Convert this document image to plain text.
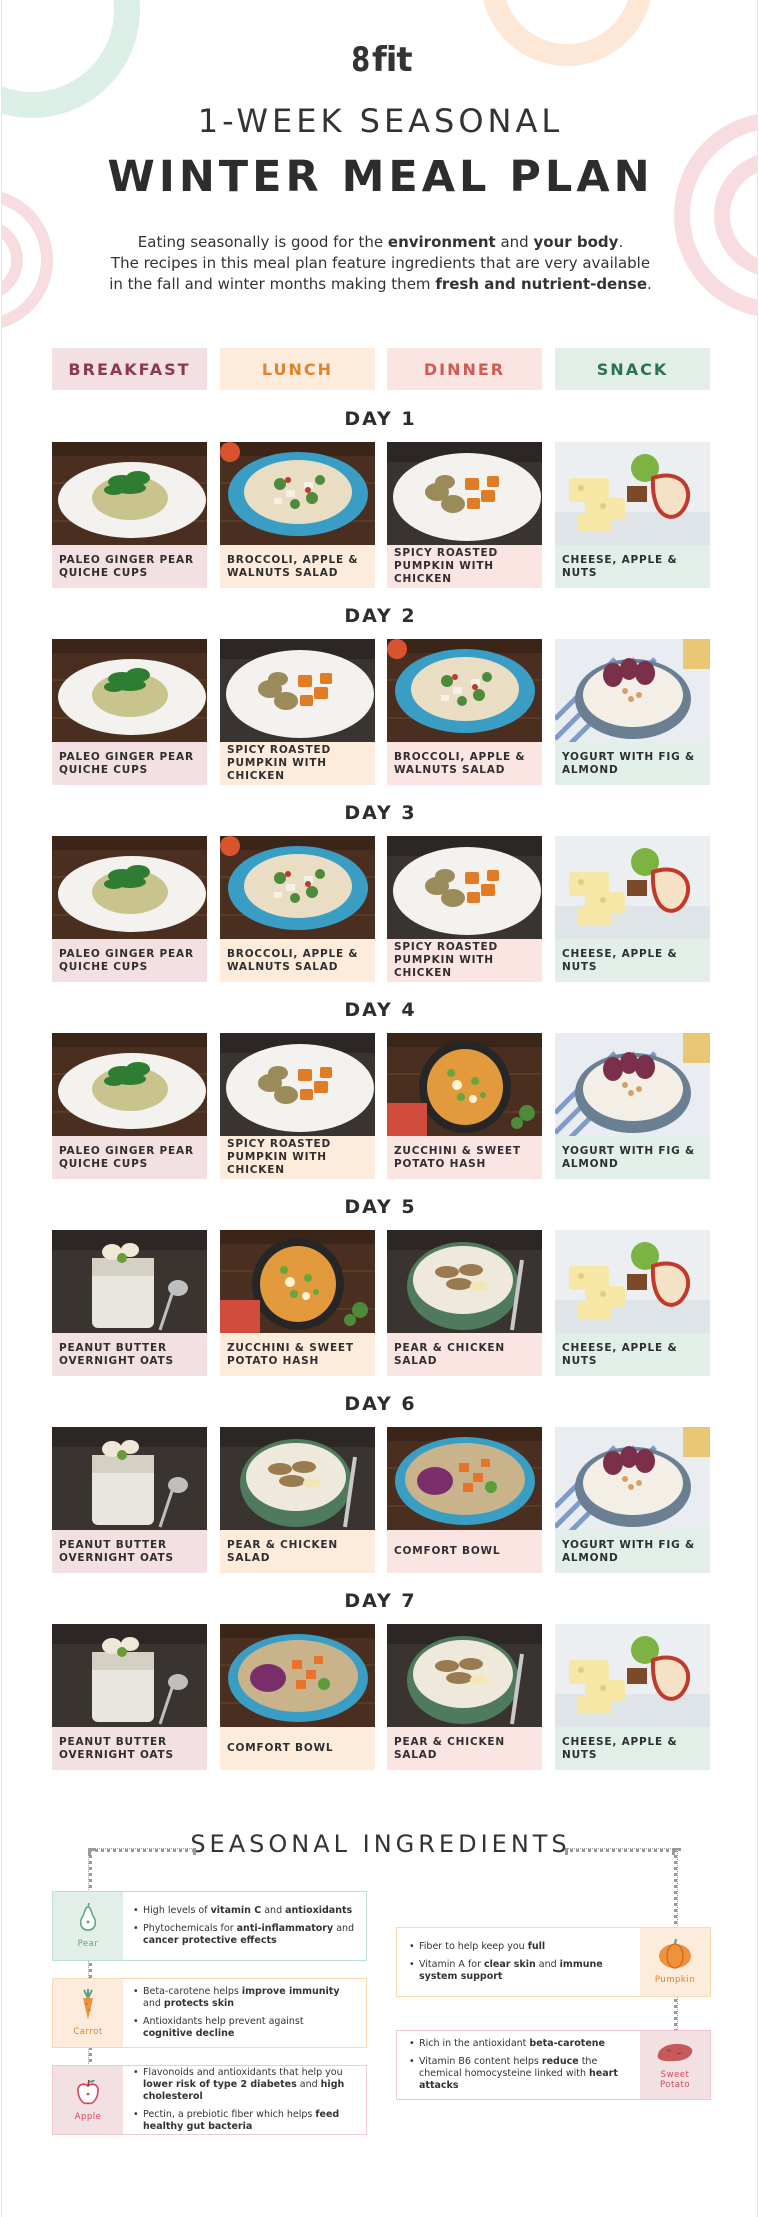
8fit
1-WEEK SEASONAL
WINTER MEAL PLAN
Eating seasonally is good for the environment and your body.
The recipes in this meal plan feature ingredients that are very available
in the fall and winter months making them fresh and nutrient-dense.
BREAKFAST	LUNCH	DINNER	SNACK
DAY 1
PALEO GINGER PEAR QUICHE CUPS
BROCCOLI, APPLE & WALNUTS SALAD
SPICY ROASTED PUMPKIN WITH CHICKEN
CHEESE, APPLE & NUTS
DAY 2
PALEO GINGER PEAR QUICHE CUPS
SPICY ROASTED PUMPKIN WITH CHICKEN
BROCCOLI, APPLE & WALNUTS SALAD
YOGURT WITH FIG & ALMOND
DAY 3
PALEO GINGER PEAR QUICHE CUPS
BROCCOLI, APPLE & WALNUTS SALAD
SPICY ROASTED PUMPKIN WITH CHICKEN
CHEESE, APPLE & NUTS
DAY 4
PALEO GINGER PEAR QUICHE CUPS
SPICY ROASTED PUMPKIN WITH CHICKEN
ZUCCHINI & SWEET POTATO HASH
YOGURT WITH FIG & ALMOND
DAY 5
PEANUT BUTTER OVERNIGHT OATS
ZUCCHINI & SWEET POTATO HASH
PEAR & CHICKEN SALAD
CHEESE, APPLE & NUTS
DAY 6
PEANUT BUTTER OVERNIGHT OATS
PEAR & CHICKEN SALAD
COMFORT BOWL
YOGURT WITH FIG & ALMOND
DAY 7
PEANUT BUTTER OVERNIGHT OATS
COMFORT BOWL
PEAR & CHICKEN SALAD
CHEESE, APPLE & NUTS
SEASONAL INGREDIENTS
Pear
• High levels of vitamin C and antioxidants
• Phytochemicals for anti-inflammatory and cancer protective effects
Carrot
• Beta-carotene helps improve immunity and protects skin
• Antioxidants help prevent against cognitive decline
Apple
• Flavonoids and antioxidants that help you lower risk of type 2 diabetes and high cholesterol
• Pectin, a prebiotic fiber which helps feed healthy gut bacteria
• Fiber to help keep you full
• Vitamin A for clear skin and immune system support	Pumpkin
• Rich in the antioxidant beta-carotene
• Vitamin B6 content helps reduce the chemical homocysteine linked with heart attacks
Sweet Potato
